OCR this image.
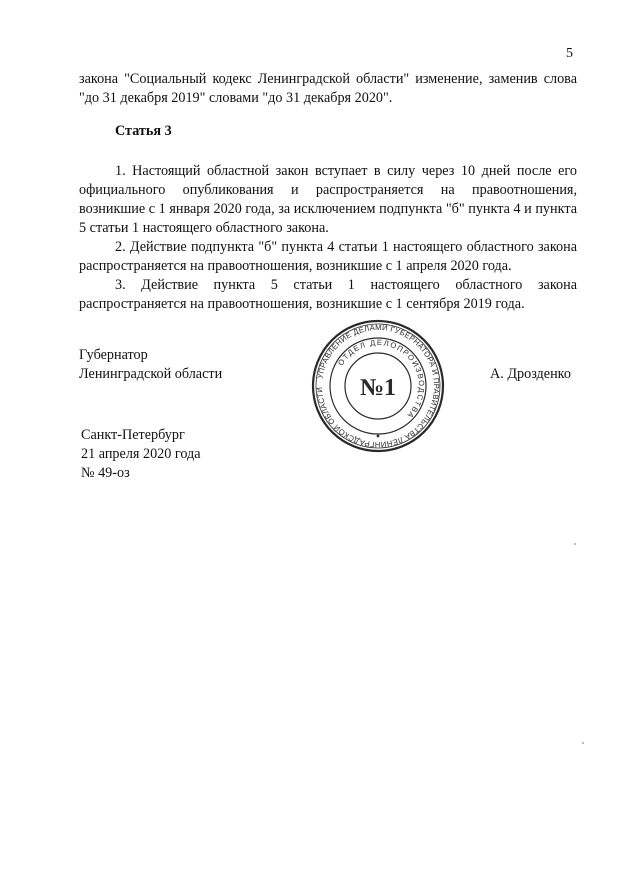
5
закона "Социальный кодекс Ленинградской области" изменение, заменив слова "до 31 декабря 2019" словами "до 31 декабря 2020".
Статья 3
1. Настоящий областной закон вступает в силу через 10 дней после его официального опубликования и распространяется на правоотношения, возникшие с 1 января 2020 года, за исключением подпункта "б" пункта 4 и пункта 5 статьи 1 настоящего областного закона.
2. Действие подпункта "б" пункта 4 статьи 1 настоящего областного закона распространяется на правоотношения, возникшие с 1 апреля 2020 года.
3. Действие пункта 5 статьи 1 настоящего областного закона распространяется на правоотношения, возникшие с 1 сентября 2019 года.
Губернатор
Ленинградской области	УПРАВЛЕНИЕ ДЕЛАМИ ГУБЕРНАТОРА И ПРАВИТЕЛЬСТВА ЛЕНИНГРАДСКОЙ ОБЛАСТИ
ОТДЕЛ ДЕЛОПРОИЗВОДСТВА
№1
А. Дрозденко
Санкт-Петербург
21 апреля 2020 года
№ 49-оз
